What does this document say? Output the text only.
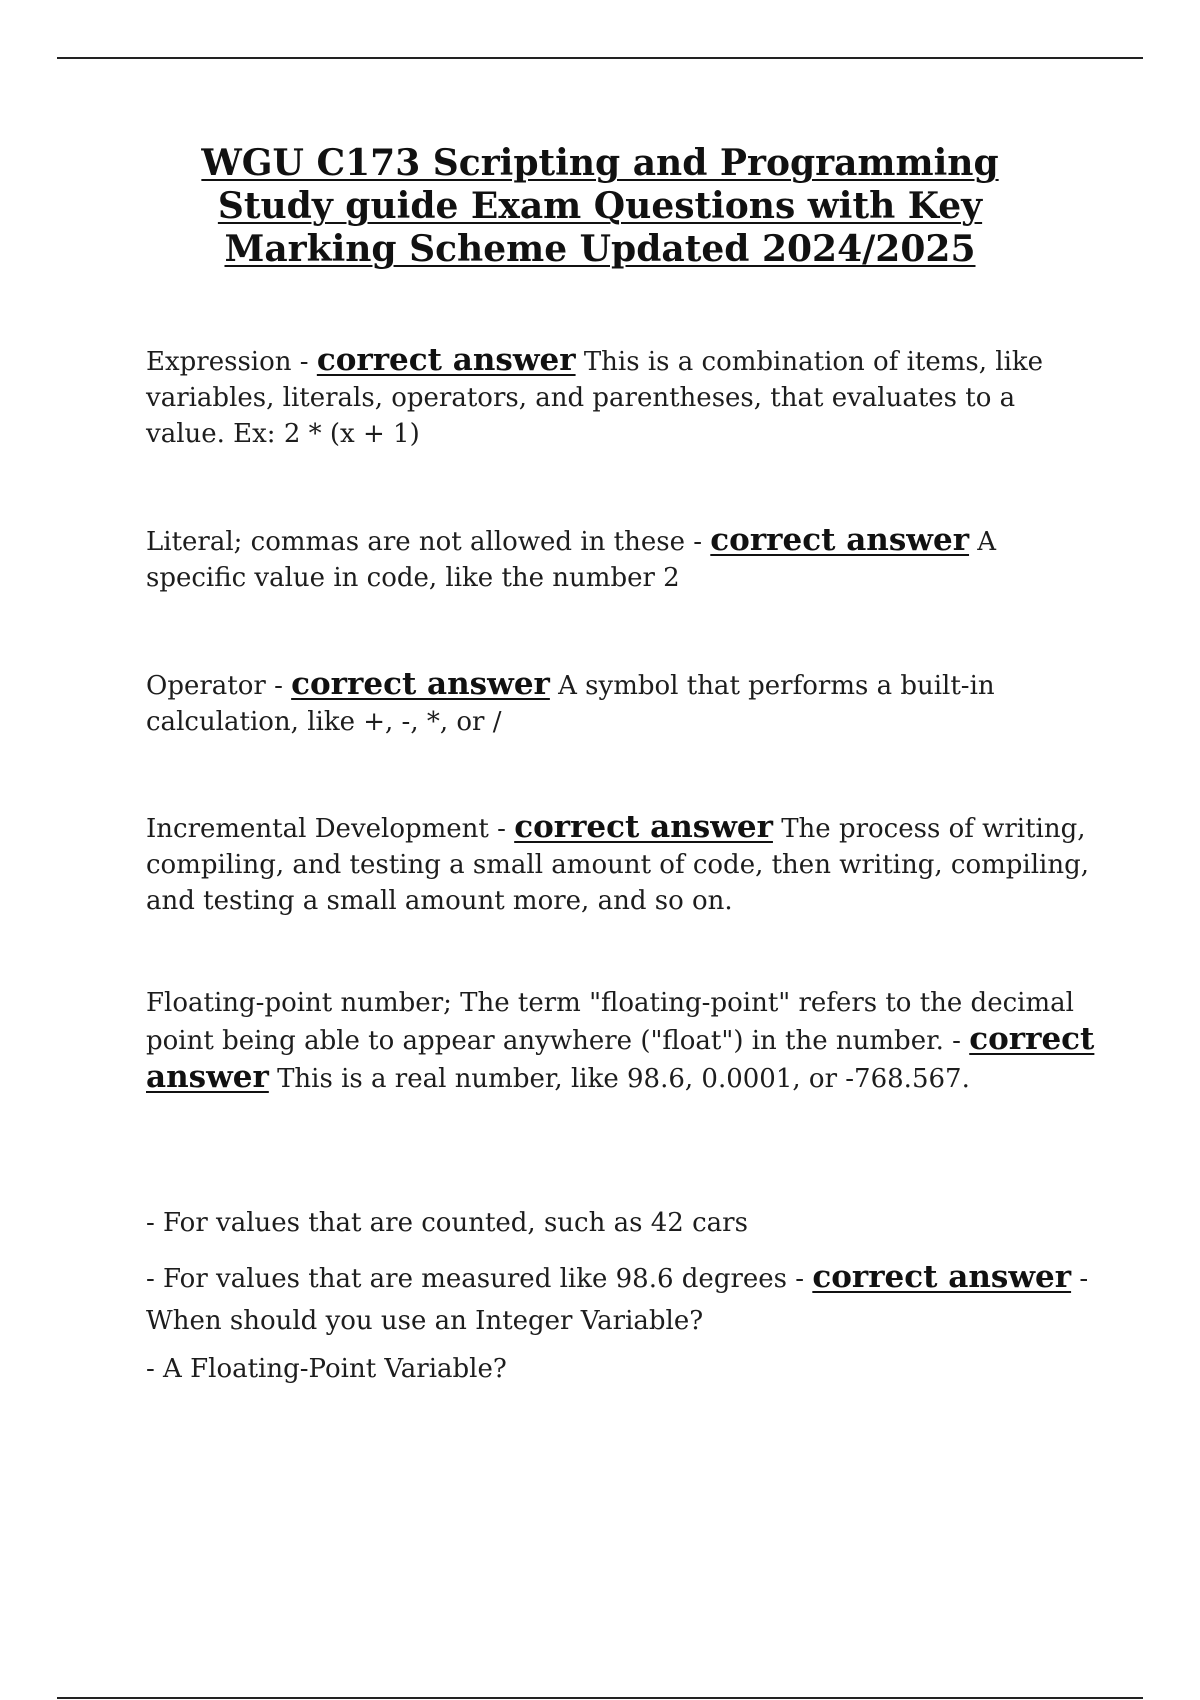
WGU C173 Scripting and Programming Study guide Exam Questions with Key Marking Scheme Updated 2024/2025

Expression - correct answer This is a combination of items, like variables, literals, operators, and parentheses, that evaluates to a value. Ex: 2 * (x + 1)

Literal; commas are not allowed in these - correct answer A specific value in code, like the number 2

Operator - correct answer A symbol that performs a built-in calculation, like +, -, *, or /

Incremental Development - correct answer The process of writing, compiling, and testing a small amount of code, then writing, compiling, and testing a small amount more, and so on.

Floating-point number; The term "floating-point" refers to the decimal point being able to appear anywhere ("float") in the number. - correct answer This is a real number, like 98.6, 0.0001, or -768.567.

- For values that are counted, such as 42 cars

- For values that are measured like 98.6 degrees - correct answer - When should you use an Integer Variable?

- A Floating-Point Variable?
